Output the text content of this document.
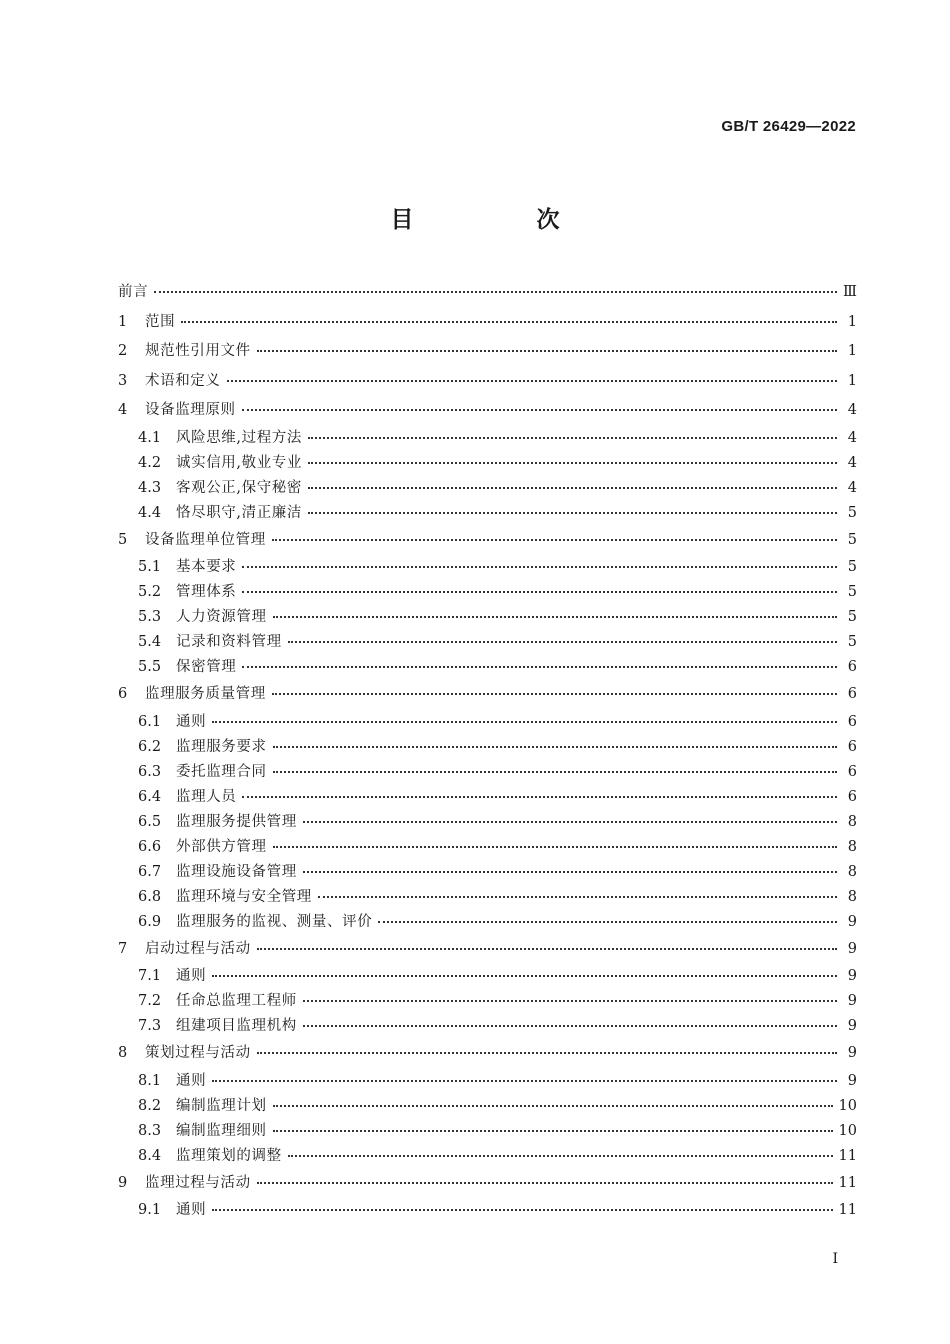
GB/T 26429—2022
目　次
前言	Ⅲ
1	范围	1
2	规范性引用文件	1
3	术语和定义	1
4	设备监理原则	4
4.1	风险思维,过程方法	4
4.2	诚实信用,敬业专业	4
4.3	客观公正,保守秘密	4
4.4	恪尽职守,清正廉洁	5
5	设备监理单位管理	5
5.1	基本要求	5
5.2	管理体系	5
5.3	人力资源管理	5
5.4	记录和资料管理	5
5.5	保密管理	6
6	监理服务质量管理	6
6.1	通则	6
6.2	监理服务要求	6
6.3	委托监理合同	6
6.4	监理人员	6
6.5	监理服务提供管理	8
6.6	外部供方管理	8
6.7	监理设施设备管理	8
6.8	监理环境与安全管理	8
6.9	监理服务的监视、测量、评价	9
7	启动过程与活动	9
7.1	通则	9
7.2	任命总监理工程师	9
7.3	组建项目监理机构	9
8	策划过程与活动	9
8.1	通则	9
8.2	编制监理计划	10
8.3	编制监理细则	10
8.4	监理策划的调整	11
9	监理过程与活动	11
9.1	通则	11
I
